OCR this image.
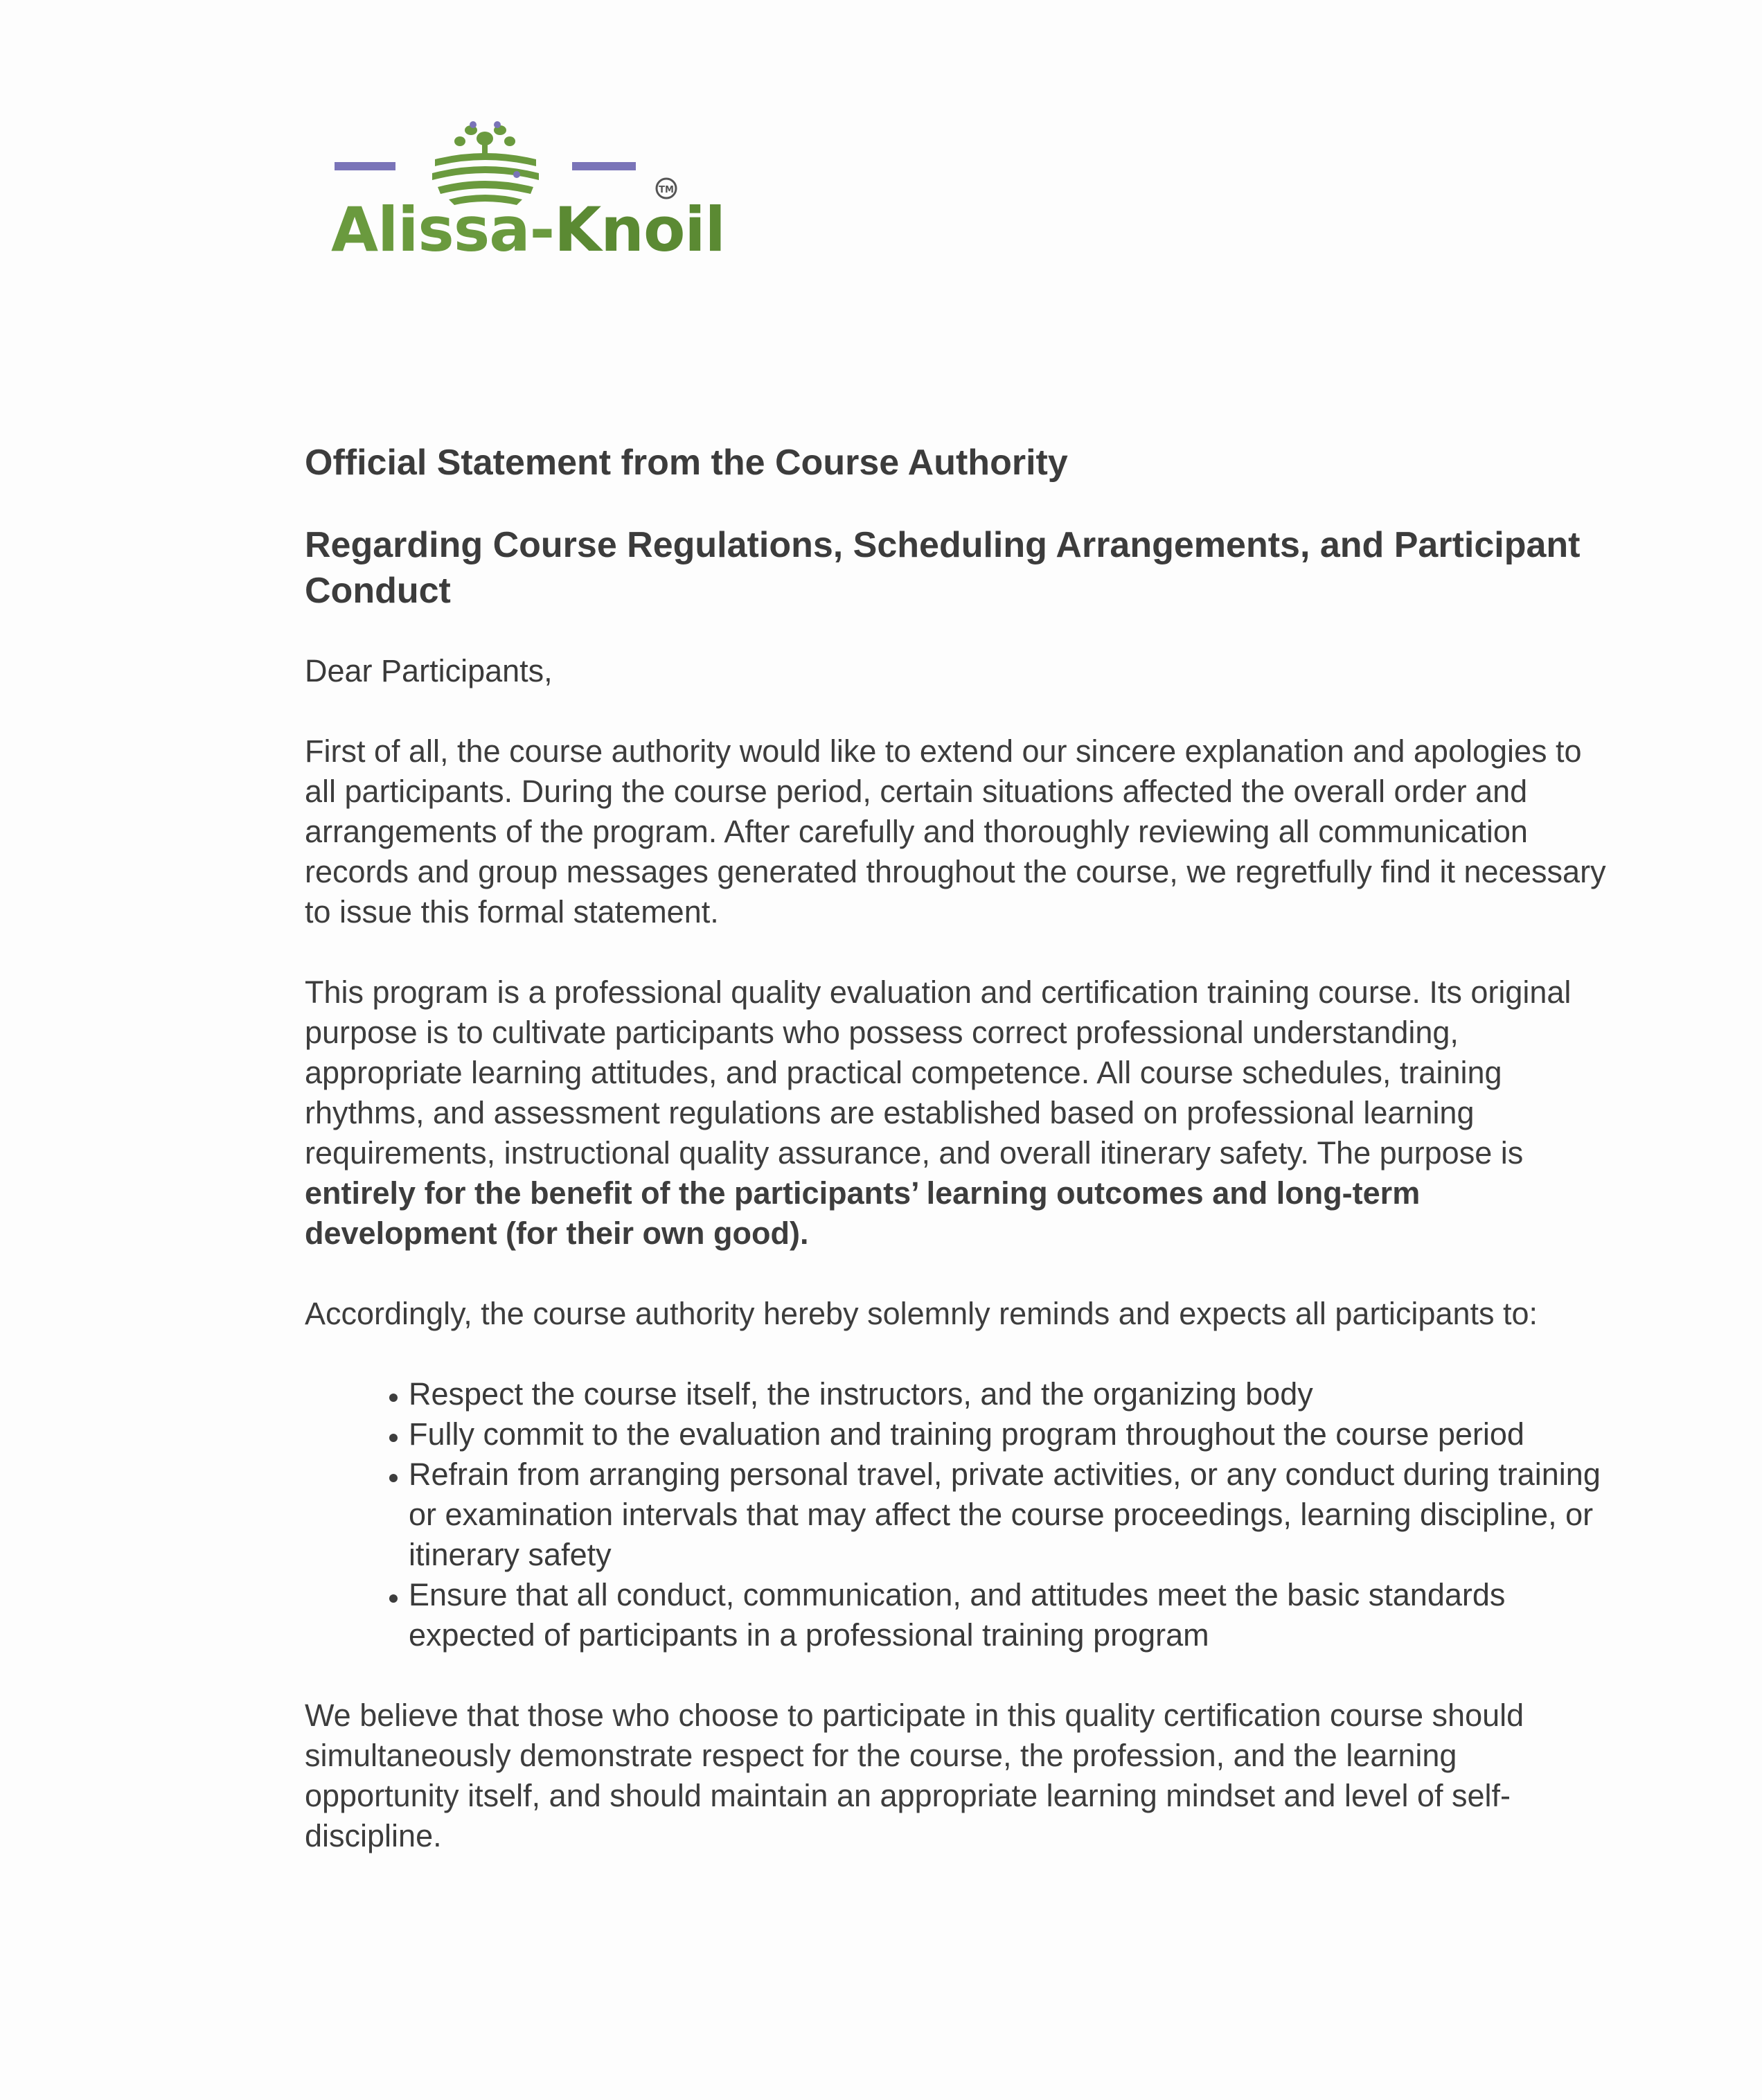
TM
Alissa-Knoil
Official Statement from the Course Authority
Regarding Course Regulations, Scheduling Arrangements, and Participant Conduct
Dear Participants,
First of all, the course authority would like to extend our sincere explanation and apologies to all participants. During the course period, certain situations affected the overall order and arrangements of the program. After carefully and thoroughly reviewing all communication records and group messages generated throughout the course, we regretfully find it necessary to issue this formal statement.
This program is a professional quality evaluation and certification training course. Its original purpose is to cultivate participants who possess correct professional understanding, appropriate learning attitudes, and practical competence. All course schedules, training rhythms, and assessment regulations are established based on professional learning requirements, instructional quality assurance, and overall itinerary safety. The purpose is entirely for the benefit of the participants’ learning outcomes and long-term development (for their own good).
Accordingly, the course authority hereby solemnly reminds and expects all participants to:
Respect the course itself, the instructors, and the organizing body
Fully commit to the evaluation and training program throughout the course period
Refrain from arranging personal travel, private activities, or any conduct during training or examination intervals that may affect the course proceedings, learning discipline, or itinerary safety
Ensure that all conduct, communication, and attitudes meet the basic standards expected of participants in a professional training program
We believe that those who choose to participate in this quality certification course should simultaneously demonstrate respect for the course, the profession, and the learning opportunity itself, and should maintain an appropriate learning mindset and level of self-discipline.
